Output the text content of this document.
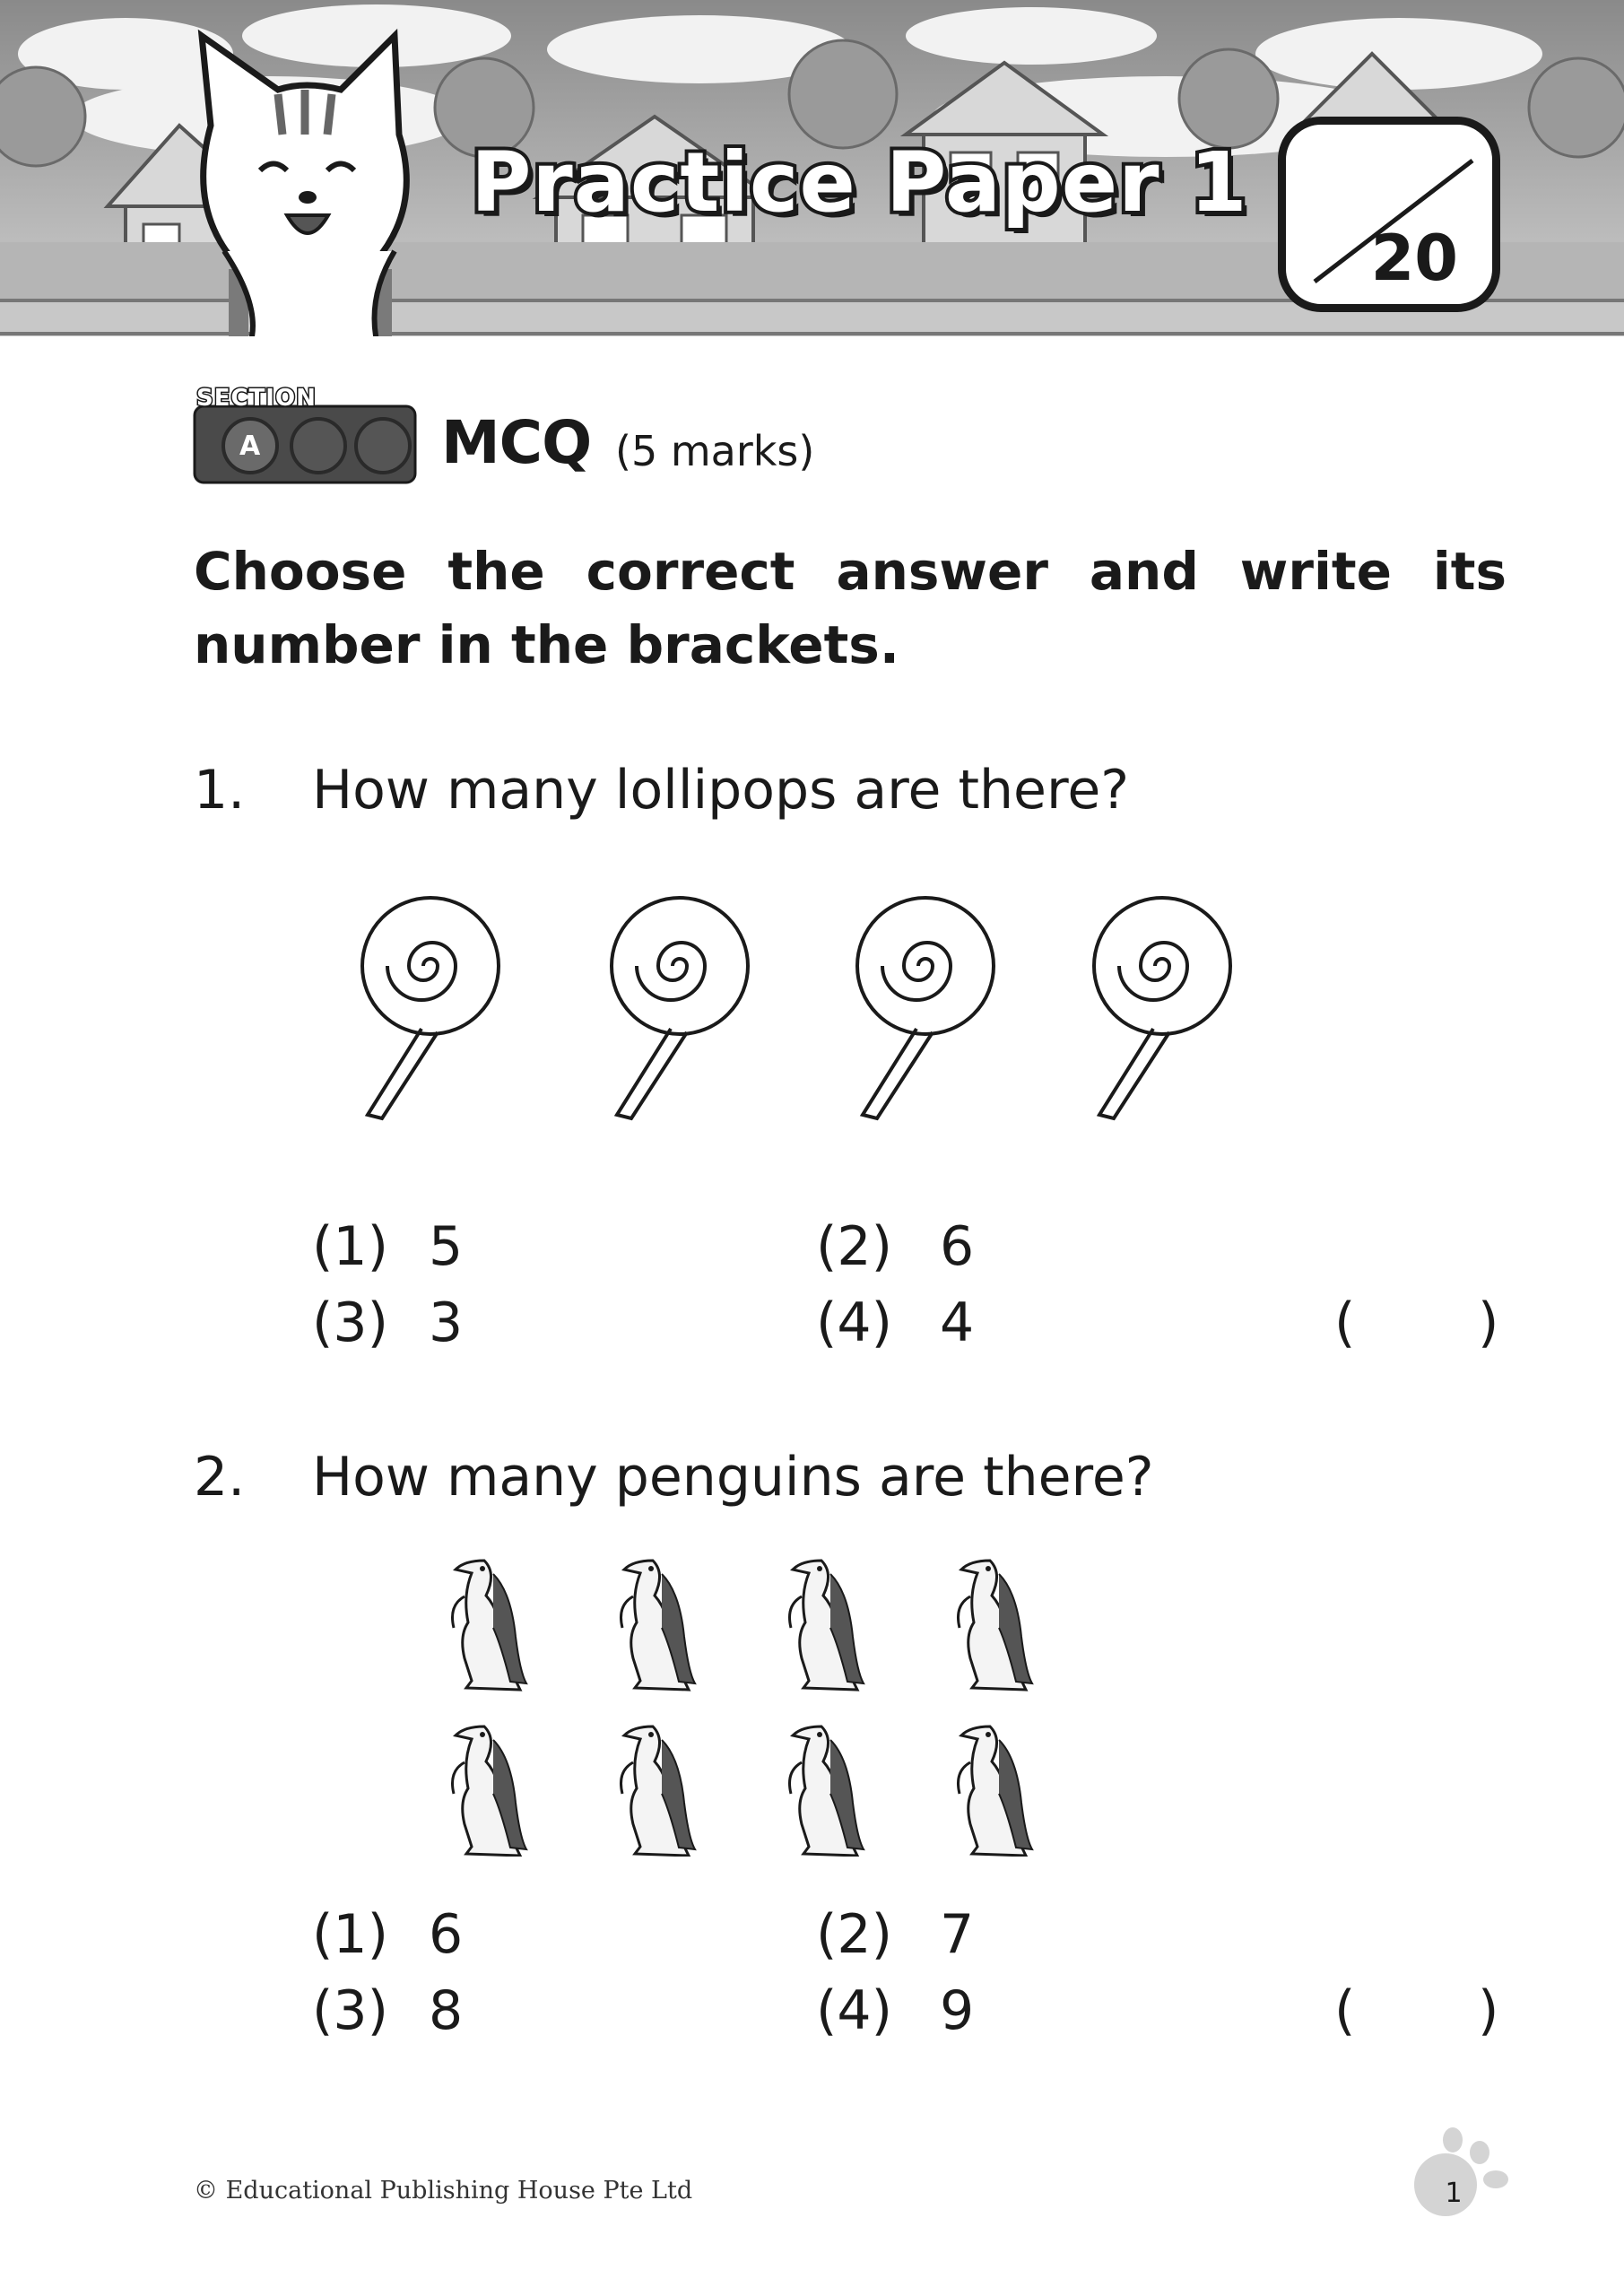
Practice Paper 1
20
SECTION
A	MCQ (5 marks)
Choose the correct answer and write its number in the brackets.
1. How many lollipops are there?
(1) 5	(2) 6
(3) 3	(4) 4	( )
2. How many penguins are there?
(1) 6	(2) 7
(3) 8	(4) 9	( )
© Educational Publishing House Pte Ltd	1
